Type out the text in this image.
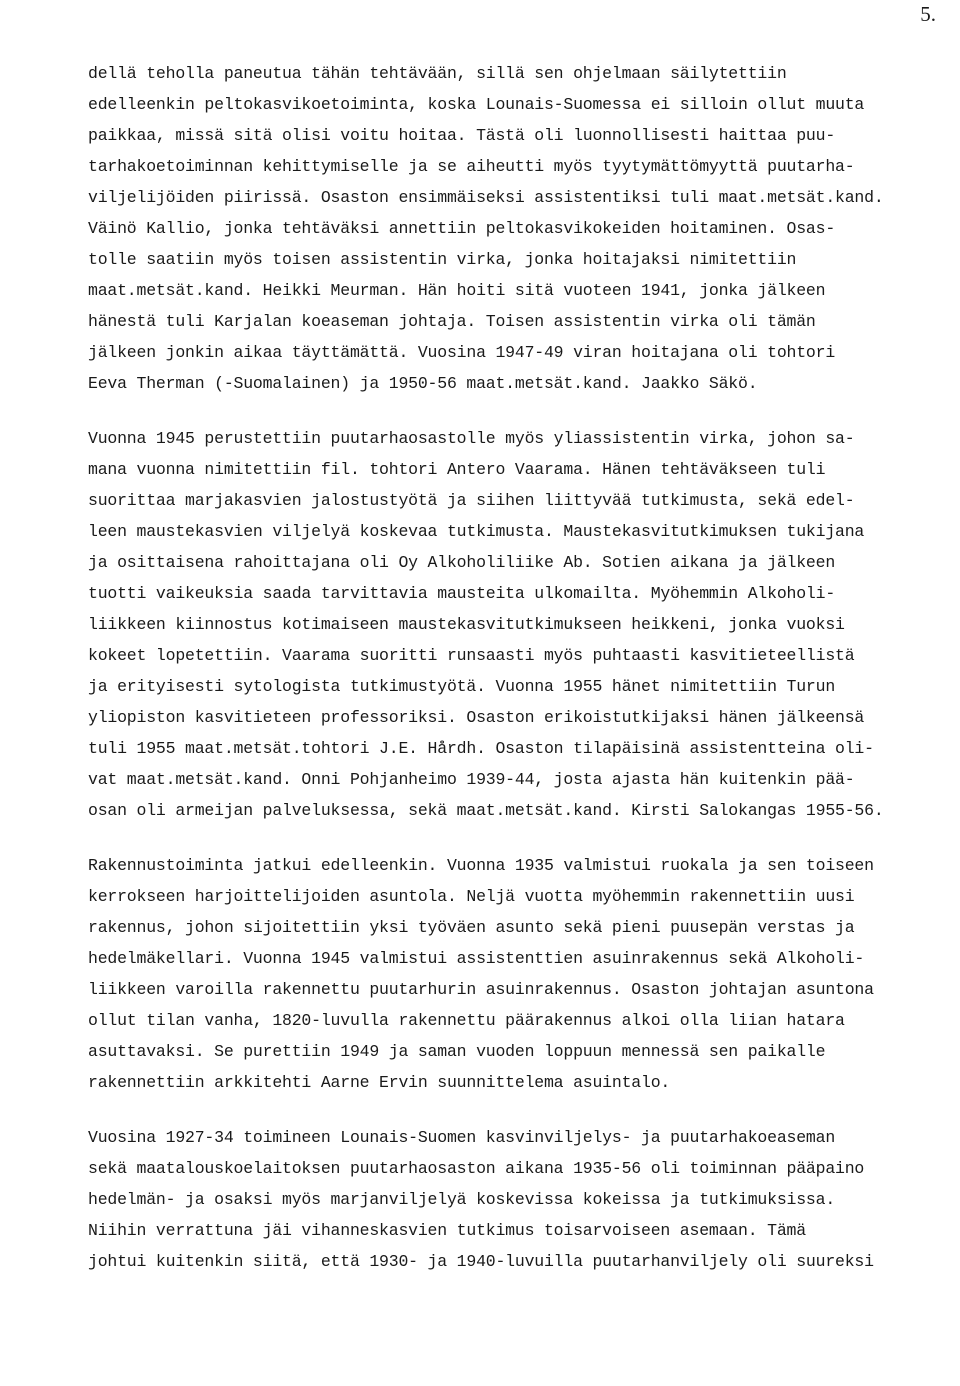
5.
dellä teholla paneutua tähän tehtävään, sillä sen ohjelmaan säilytettiin
edelleenkin peltokasvikoetoiminta, koska Lounais-Suomessa ei silloin ollut muuta
paikkaa, missä sitä olisi voitu hoitaa. Tästä oli luonnollisesti haittaa puu-
tarhakoetoiminnan kehittymiselle ja se aiheutti myös tyytymättömyyttä puutarha-
viljelijöiden piirissä. Osaston ensimmäiseksi assistentiksi tuli maat.metsät.kand.
Väinö Kallio, jonka tehtäväksi annettiin peltokasvikokeiden hoitaminen. Osas-
tolle saatiin myös toisen assistentin virka, jonka hoitajaksi nimitettiin
maat.metsät.kand. Heikki Meurman. Hän hoiti sitä vuoteen 1941, jonka jälkeen
hänestä tuli Karjalan koeaseman johtaja. Toisen assistentin virka oli tämän
jälkeen jonkin aikaa täyttämättä. Vuosina 1947-49 viran hoitajana oli tohtori
Eeva Therman (-Suomalainen) ja 1950-56 maat.metsät.kand. Jaakko Säkö.
Vuonna 1945 perustettiin puutarhaosastolle myös yliassistentin virka, johon sa-
mana vuonna nimitettiin fil. tohtori Antero Vaarama. Hänen tehtäväkseen tuli
suorittaa marjakasvien jalostustyötä ja siihen liittyvää tutkimusta, sekä edel-
leen maustekasvien viljelyä koskevaa tutkimusta. Maustekasvitutkimuksen tukijana
ja osittaisena rahoittajana oli Oy Alkoholiliike Ab. Sotien aikana ja jälkeen
tuotti vaikeuksia saada tarvittavia mausteita ulkomailta. Myöhemmin Alkoholi-
liikkeen kiinnostus kotimaiseen maustekasvitutkimukseen heikkeni, jonka vuoksi
kokeet lopetettiin. Vaarama suoritti runsaasti myös puhtaasti kasvitieteellistä
ja erityisesti sytologista tutkimustyötä. Vuonna 1955 hänet nimitettiin Turun
yliopiston kasvitieteen professoriksi. Osaston erikoistutkijaksi hänen jälkeensä
tuli 1955 maat.metsät.tohtori J.E. Hårdh. Osaston tilapäisinä assistentteina oli-
vat maat.metsät.kand. Onni Pohjanheimo 1939-44, josta ajasta hän kuitenkin pää-
osan oli armeijan palveluksessa, sekä maat.metsät.kand. Kirsti Salokangas 1955-56.
Rakennustoiminta jatkui edelleenkin. Vuonna 1935 valmistui ruokala ja sen toiseen
kerrokseen harjoittelijoiden asuntola. Neljä vuotta myöhemmin rakennettiin uusi
rakennus, johon sijoitettiin yksi työväen asunto sekä pieni puusepän verstas ja
hedelmäkellari. Vuonna 1945 valmistui assistenttien asuinrakennus sekä Alkoholi-
liikkeen varoilla rakennettu puutarhurin asuinrakennus. Osaston johtajan asuntona
ollut tilan vanha, 1820-luvulla rakennettu päärakennus alkoi olla liian hatara
asuttavaksi. Se purettiin 1949 ja saman vuoden loppuun mennessä sen paikalle
rakennettiin arkkitehti Aarne Ervin suunnittelema asuintalo.
Vuosina 1927-34 toimineen Lounais-Suomen kasvinviljelys- ja puutarhakoeaseman
sekä maatalouskoelaitoksen puutarhaosaston aikana 1935-56 oli toiminnan pääpaino
hedelmän- ja osaksi myös marjanviljelyä koskevissa kokeissa ja tutkimuksissa.
Niihin verrattuna jäi vihanneskasvien tutkimus toisarvoiseen asemaan. Tämä
johtui kuitenkin siitä, että 1930- ja 1940-luvuilla puutarhanviljely oli suureksi
